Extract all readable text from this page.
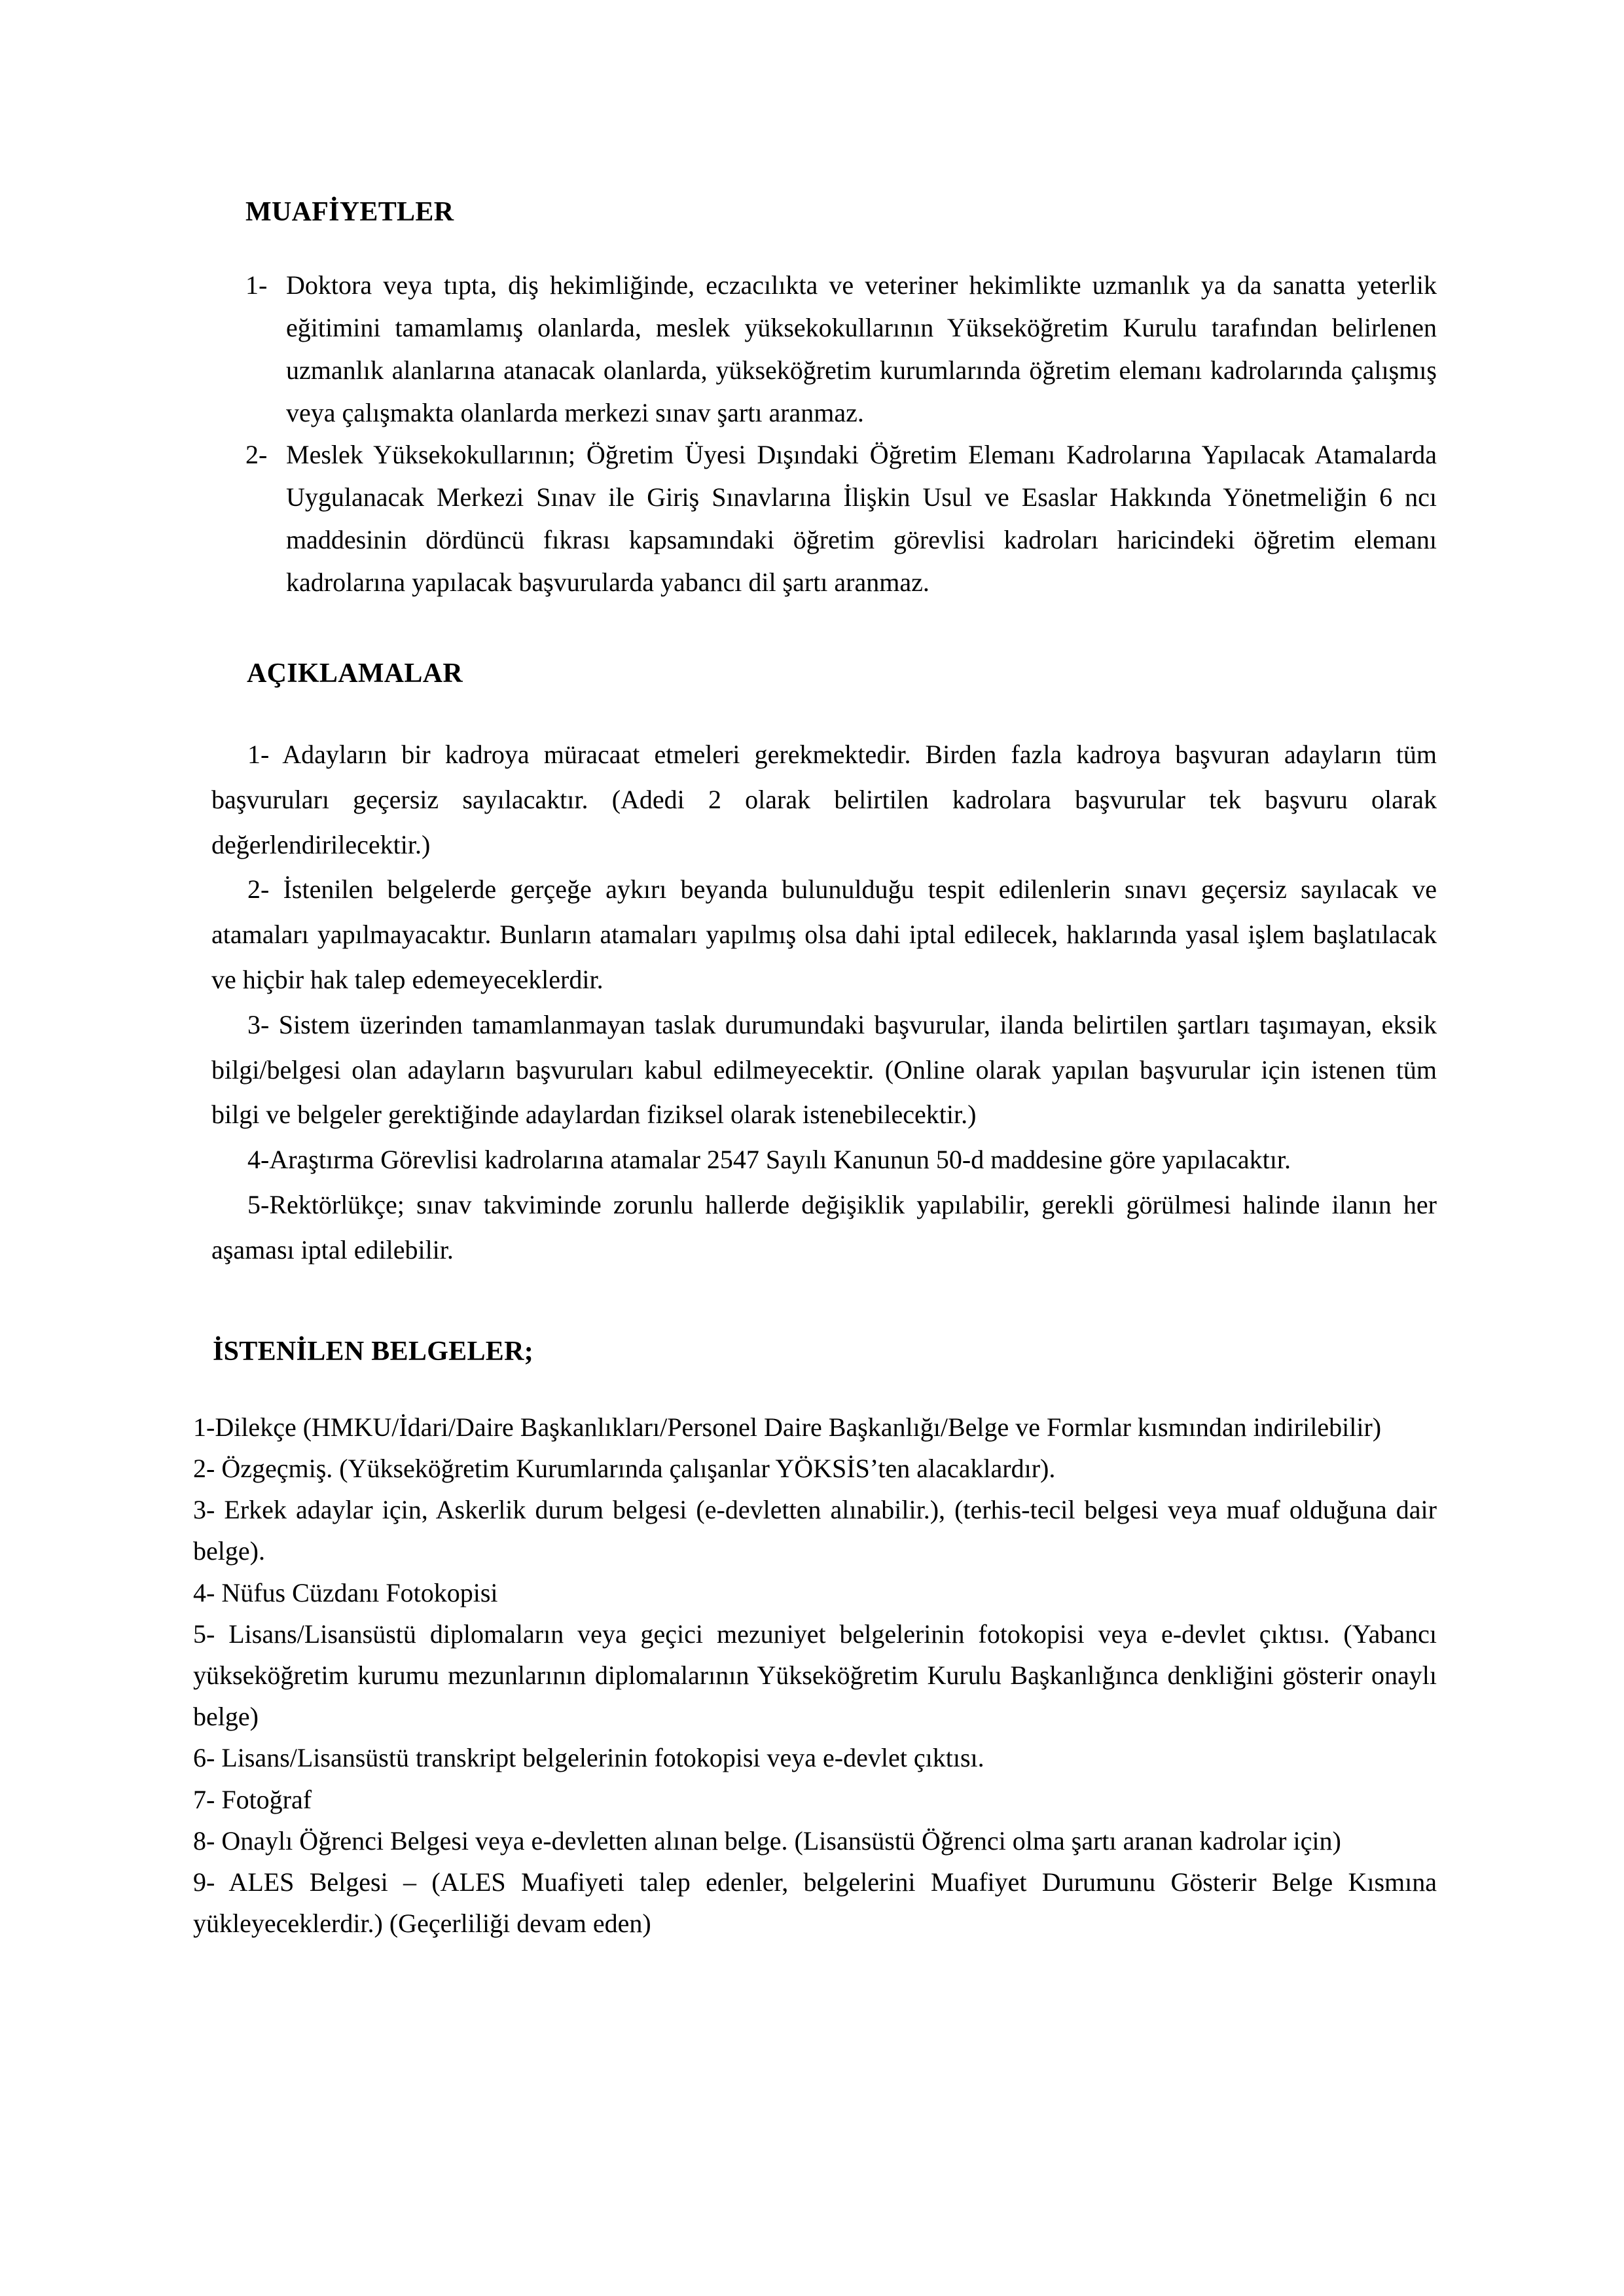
MUAFİYETLER
1- Doktora veya tıpta, diş hekimliğinde, eczacılıkta ve veteriner hekimlikte uzmanlık ya da sanatta yeterlik eğitimini tamamlamış olanlarda, meslek yüksekokullarının Yükseköğretim Kurulu tarafından belirlenen uzmanlık alanlarına atanacak olanlarda, yükseköğretim kurumlarında öğretim elemanı kadrolarında çalışmış veya çalışmakta olanlarda merkezi sınav şartı aranmaz.
2- Meslek Yüksekokullarının; Öğretim Üyesi Dışındaki Öğretim Elemanı Kadrolarına Yapılacak Atamalarda Uygulanacak Merkezi Sınav ile Giriş Sınavlarına İlişkin Usul ve Esaslar Hakkında Yönetmeliğin 6 ncı maddesinin dördüncü fıkrası kapsamındaki öğretim görevlisi kadroları haricindeki öğretim elemanı kadrolarına yapılacak başvurularda yabancı dil şartı aranmaz.
AÇIKLAMALAR

1- Adayların bir kadroya müracaat etmeleri gerekmektedir. Birden fazla kadroya başvuran adayların tüm başvuruları geçersiz sayılacaktır. (Adedi 2 olarak belirtilen kadrolara başvurular tek başvuru olarak değerlendirilecektir.)

2- İstenilen belgelerde gerçeğe aykırı beyanda bulunulduğu tespit edilenlerin sınavı geçersiz sayılacak ve atamaları yapılmayacaktır. Bunların atamaları yapılmış olsa dahi iptal edilecek, haklarında yasal işlem başlatılacak ve hiçbir hak talep edemeyeceklerdir.

3- Sistem üzerinden tamamlanmayan taslak durumundaki başvurular, ilanda belirtilen şartları taşımayan, eksik bilgi/belgesi olan adayların başvuruları kabul edilmeyecektir. (Online olarak yapılan başvurular için istenen tüm bilgi ve belgeler gerektiğinde adaylardan fiziksel olarak istenebilecektir.)

4-Araştırma Görevlisi kadrolarına atamalar 2547 Sayılı Kanunun 50-d maddesine göre yapılacaktır.

5-Rektörlükçe; sınav takviminde zorunlu hallerde değişiklik yapılabilir, gerekli görülmesi halinde ilanın her aşaması iptal edilebilir.

İSTENİLEN BELGELER;
1-Dilekçe (HMKU/İdari/Daire Başkanlıkları/Personel Daire Başkanlığı/Belge ve Formlar kısmından indirilebilir)
2- Özgeçmiş. (Yükseköğretim Kurumlarında çalışanlar YÖKSİS’ten alacaklardır).
3- Erkek adaylar için, Askerlik durum belgesi (e-devletten alınabilir.), (terhis-tecil belgesi veya muaf olduğuna dair belge).
4- Nüfus Cüzdanı Fotokopisi
5- Lisans/Lisansüstü diplomaların veya geçici mezuniyet belgelerinin fotokopisi veya e-devlet çıktısı. (Yabancı yükseköğretim kurumu mezunlarının diplomalarının Yükseköğretim Kurulu Başkanlığınca denkliğini gösterir onaylı belge)
6- Lisans/Lisansüstü transkript belgelerinin fotokopisi veya e-devlet çıktısı.
7- Fotoğraf
8- Onaylı Öğrenci Belgesi veya e-devletten alınan belge. (Lisansüstü Öğrenci olma şartı aranan kadrolar için)
9- ALES Belgesi – (ALES Muafiyeti talep edenler, belgelerini Muafiyet Durumunu Gösterir Belge Kısmına yükleyeceklerdir.) (Geçerliliği devam eden)
